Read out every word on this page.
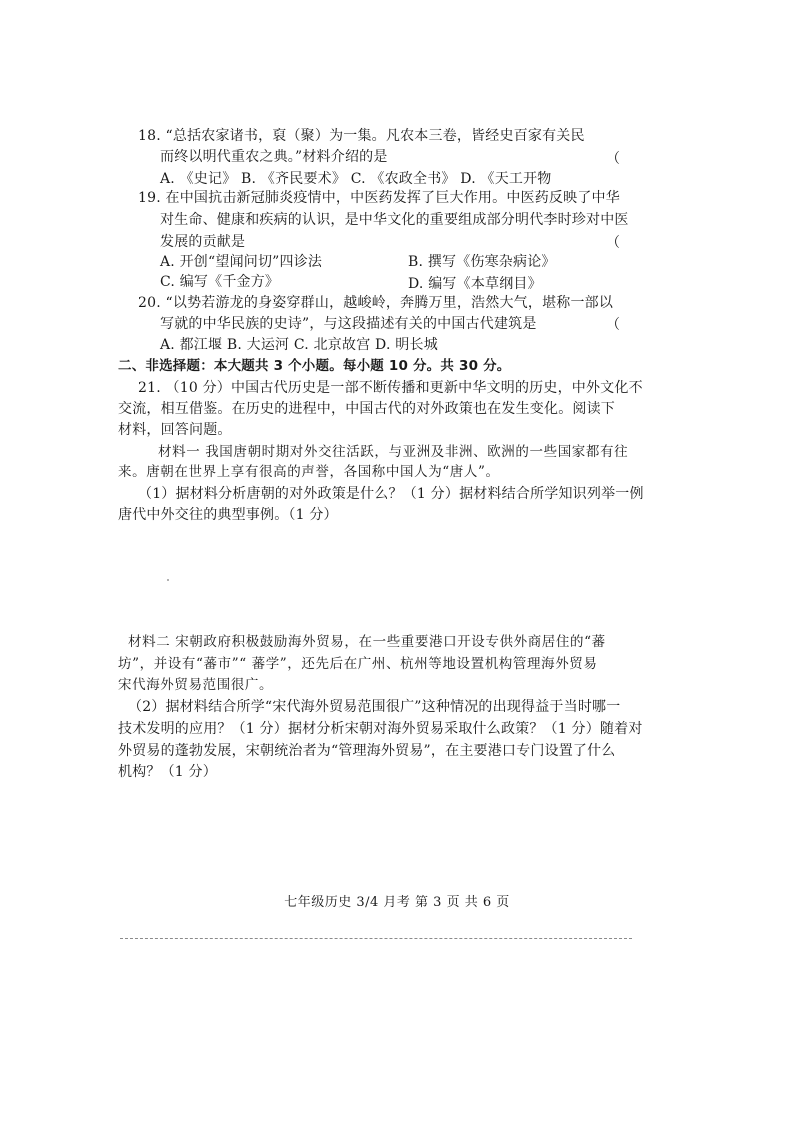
18. “总括农家诸书，裒（聚）为一集。凡农本三卷，皆经史百家有关民
而终以明代重农之典。”材料介绍的是	（
A. 《史记》 B. 《齐民要术》 C. 《农政全书》 D. 《天工开物
19. 在中国抗击新冠肺炎疫情中，中医药发挥了巨大作用。中医药反映了中华
对生命、健康和疾病的认识，是中华文化的重要组成部分明代李时珍对中医
发展的贡献是	（
A. 开创“望闻问切”四诊法	B. 撰写《伤寒杂病论》
C. 编写《千金方》	D. 编写《本草纲目》
20. “以势若游龙的身姿穿群山，越峻岭，奔腾万里，浩然大气，堪称一部以
写就的中华民族的史诗”，与这段描述有关的中国古代建筑是	（
A. 都江堰 B. 大运河 C. 北京故宫 D. 明长城
二、非选择题：本大题共 3 个小题。每小题 10 分。共 30 分。
21. （10 分）中国古代历史是一部不断传播和更新中华文明的历史，中外文化不
交流，相互借鉴。在历史的进程中，中国古代的对外政策也在发生变化。阅读下
材料，回答问题。
材料一 我国唐朝时期对外交往活跃，与亚洲及非洲、欧洲的一些国家都有往
来。唐朝在世界上享有很高的声誉，各国称中国人为“唐人”。
（1）据材料分析唐朝的对外政策是什么？（1 分）据材料结合所学知识列举一例
唐代中外交往的典型事例。（1 分）
材料二 宋朝政府积极鼓励海外贸易，在一些重要港口开设专供外商居住的“蕃
坊”，并设有“蕃市”“ 蕃学”，还先后在广州、杭州等地设置机构管理海外贸易
宋代海外贸易范围很广。
（2）据材料结合所学“宋代海外贸易范围很广”这种情况的出现得益于当时哪一
技术发明的应用？（1 分）据材分析宋朝对海外贸易采取什么政策？（1 分）随着对
外贸易的蓬勃发展，宋朝统治者为“管理海外贸易”，在主要港口专门设置了什么
机构？（1 分）
七年级历史 3/4 月考 第 3 页 共 6 页
